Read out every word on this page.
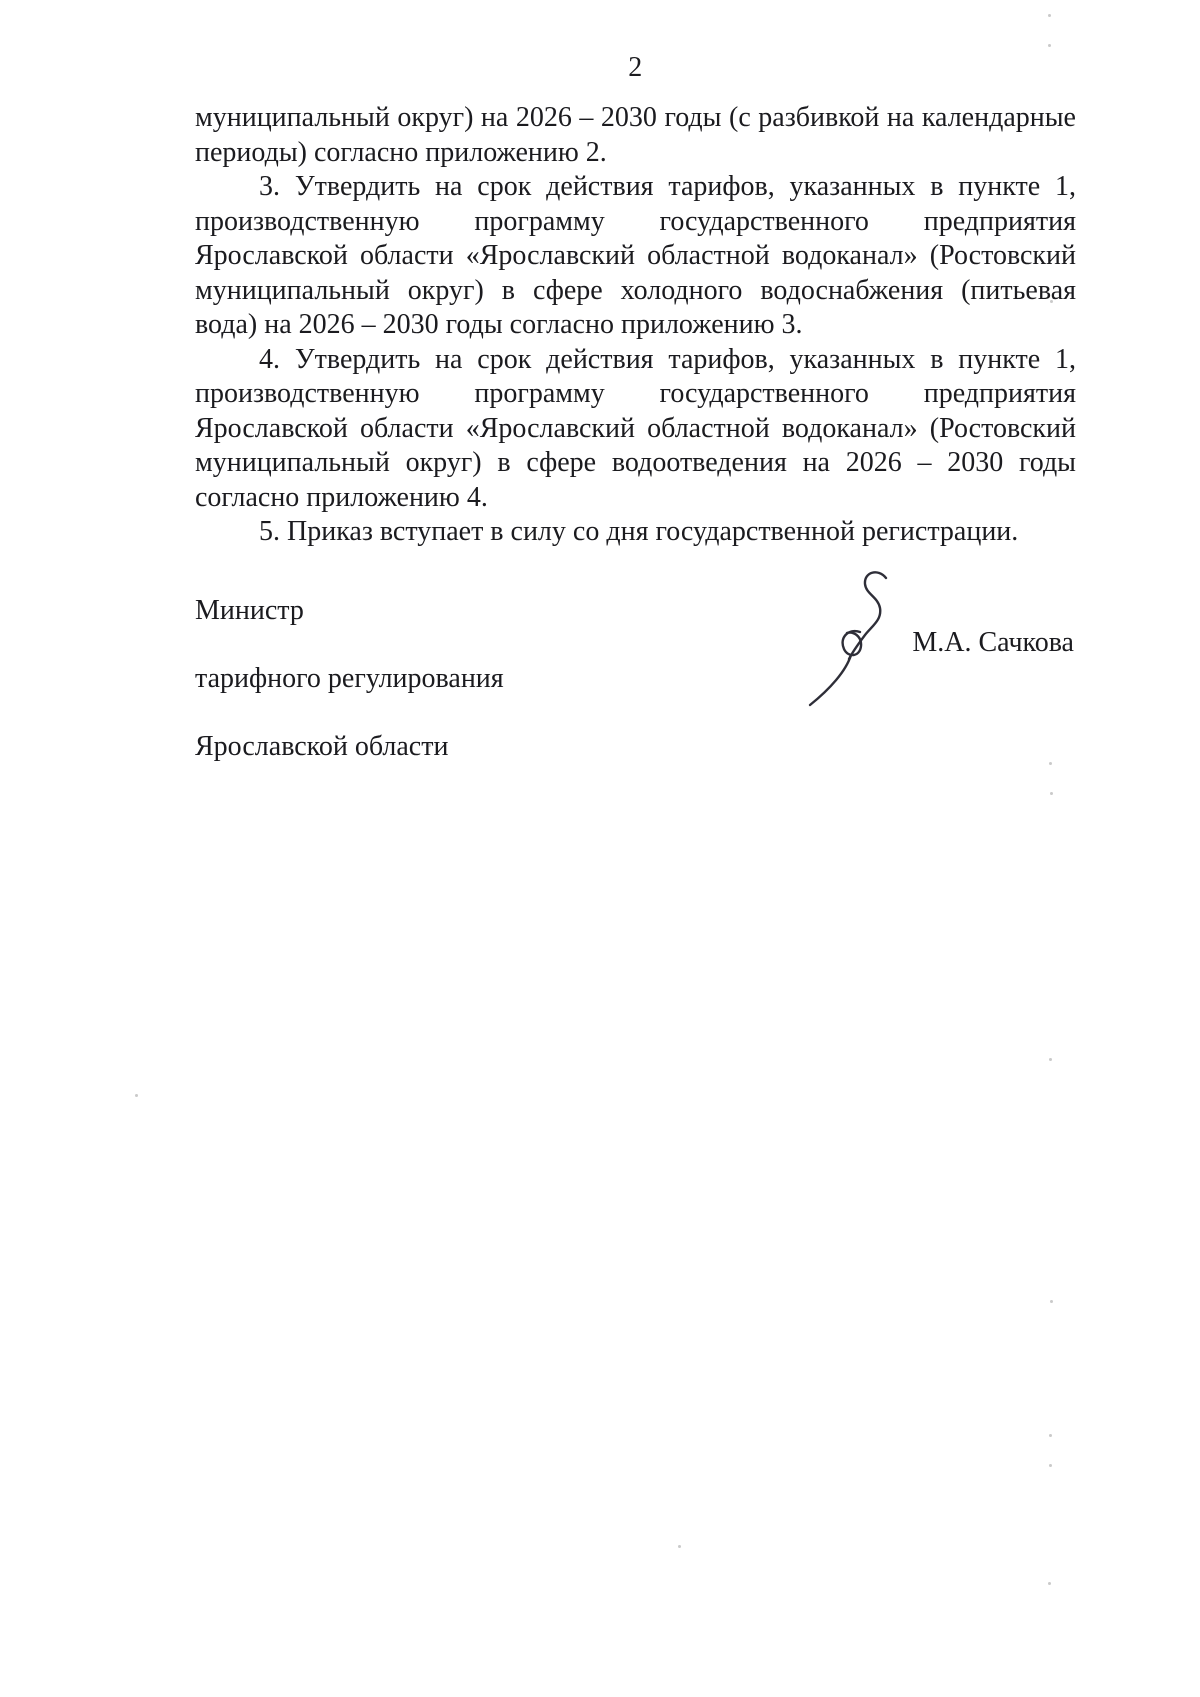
2

муниципальный округ) на 2026 – 2030 годы (с разбивкой на календарные периоды) согласно приложению 2.

3. Утвердить на срок действия тарифов, указанных в пункте 1, производственную программу государственного предприятия Ярославской области «Ярославский областной водоканал» (Ростовский муниципальный округ) в сфере холодного водоснабжения (питьевая вода) на 2026 – 2030 годы согласно приложению 3.

4. Утвердить на срок действия тарифов, указанных в пункте 1, производственную программу государственного предприятия Ярославской области «Ярославский областной водоканал» (Ростовский муниципальный округ) в сфере водоотведения на 2026 – 2030 годы согласно приложению 4.

5. Приказ вступает в силу со дня государственной регистрации.

Министр

тарифного регулирования

Ярославской области

М.А. Сачкова
